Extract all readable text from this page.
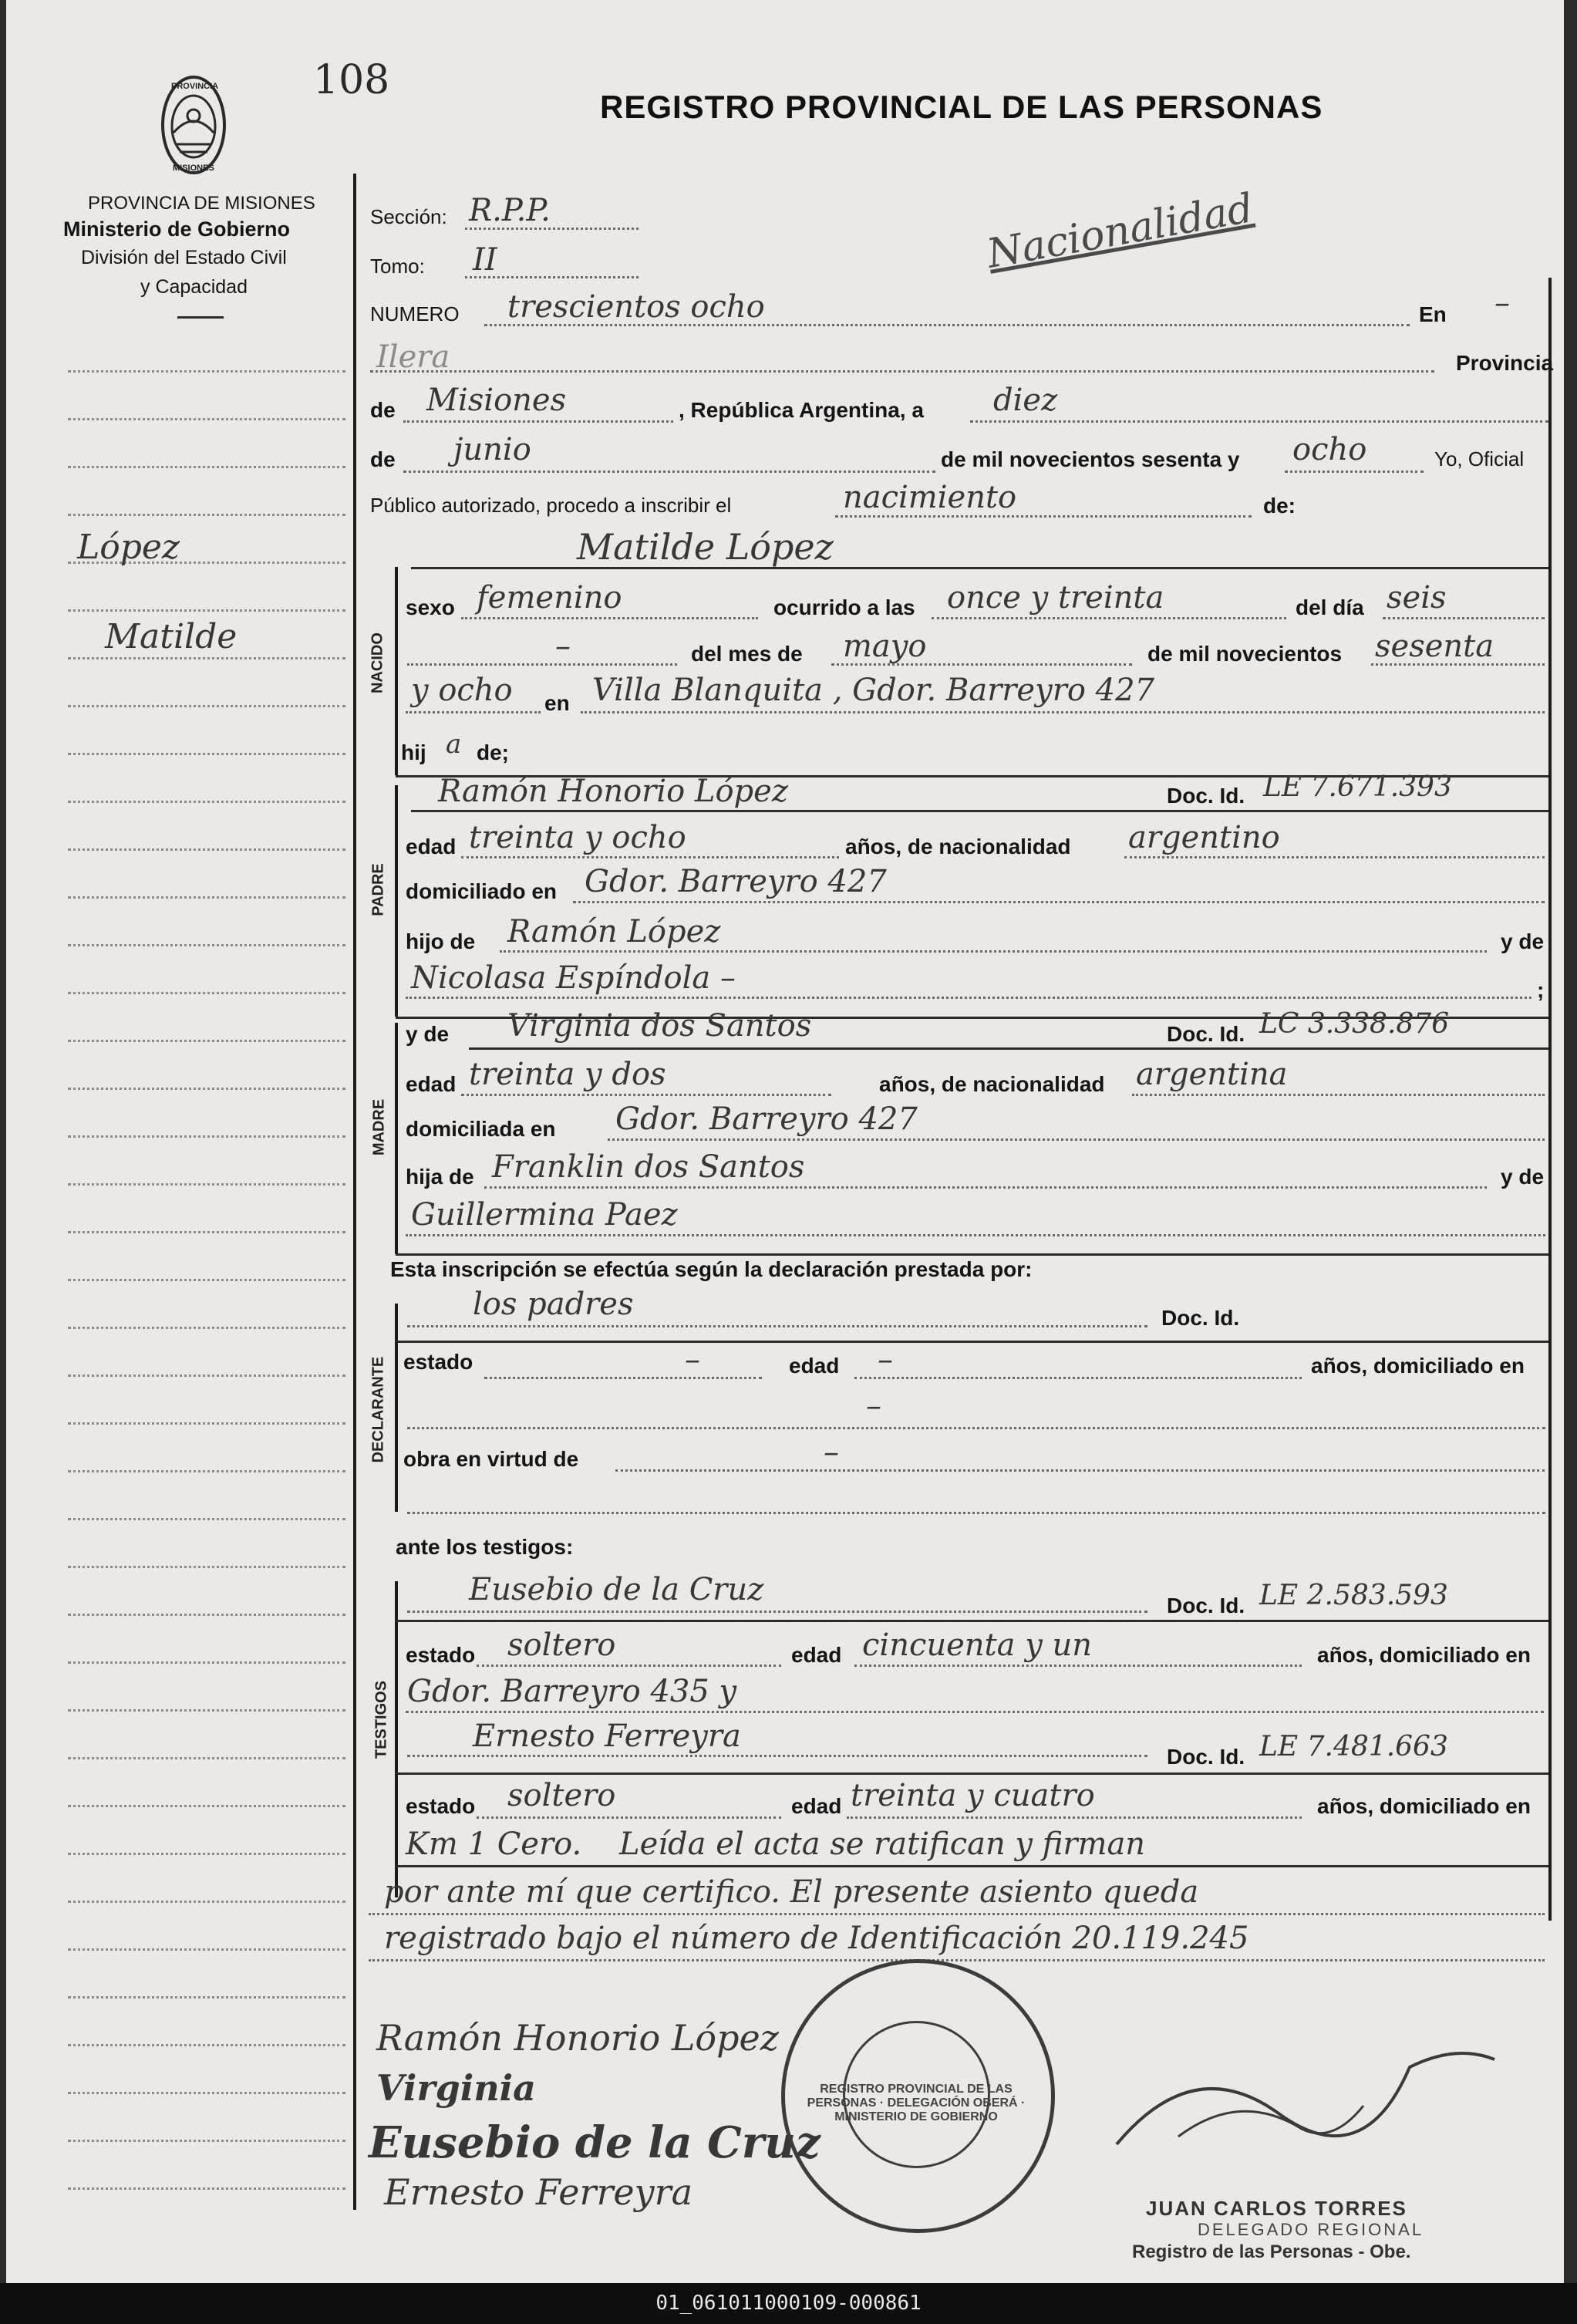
PROVINCIA
MISIONES
108
REGISTRO PROVINCIAL DE LAS PERSONAS
PROVINCIA DE MISIONES
Ministerio de Gobierno
División del Estado Civil
y Capacidad
Nacionalidad
López
Matilde
Sección: R.P.P.
Tomo: II
NUMERO trescientos ocho	En –
Ilera	Provincia
de Misiones	, República Argentina, a diez
de junio	de mil novecientos sesenta y ocho	Yo, Oficial
Público autorizado, procedo a inscribir el	nacimiento	de:
NACIDO
Matilde López
sexo femenino	ocurrido a las once y treinta	del día seis
–	del mes de mayo	de mil novecientos sesenta
y ocho en Villa Blanquita , Gdor. Barreyro 427
hij a de;
PADRE
Ramón Honorio López	Doc. Id. LE 7.671.393
edad treinta y ocho	años, de nacionalidad argentino
domiciliado en Gdor. Barreyro 427
hijo de Ramón López	y de
Nicolasa Espíndola –	;
MADRE
y de Virginia dos Santos	Doc. Id. LC 3.338.876
edad treinta y dos	años, de nacionalidad argentina
domiciliada en Gdor. Barreyro 427
hija de Franklin dos Santos	y de
Guillermina Paez
Esta inscripción se efectúa según la declaración prestada por:
DECLARANTE
los padres	Doc. Id.
estado	–	edad –	años, domiciliado en
–
obra en virtud de	–
ante los testigos:
TESTIGOS
Eusebio de la Cruz	Doc. Id. LE 2.583.593
estado soltero	edad cincuenta y un	años, domiciliado en
Gdor. Barreyro 435 y
Ernesto Ferreyra
Doc. Id. LE 7.481.663
estado soltero	edad treinta y cuatro	años, domiciliado en
Km 1 Cero. Leída el acta se ratifican y firman
por ante mí que certifico. El presente asiento queda
registrado bajo el número de Identificación 20.119.245
Ramón Honorio López
Virginia
Eusebio de la Cruz
Ernesto Ferreyra
REGISTRO PROVINCIAL DE LAS PERSONAS · DELEGACIÓN OBERÁ · MINISTERIO DE GOBIERNO
JUAN CARLOS TORRES
DELEGADO REGIONAL
Registro de las Personas - Obe.
01_061011000109-000861
